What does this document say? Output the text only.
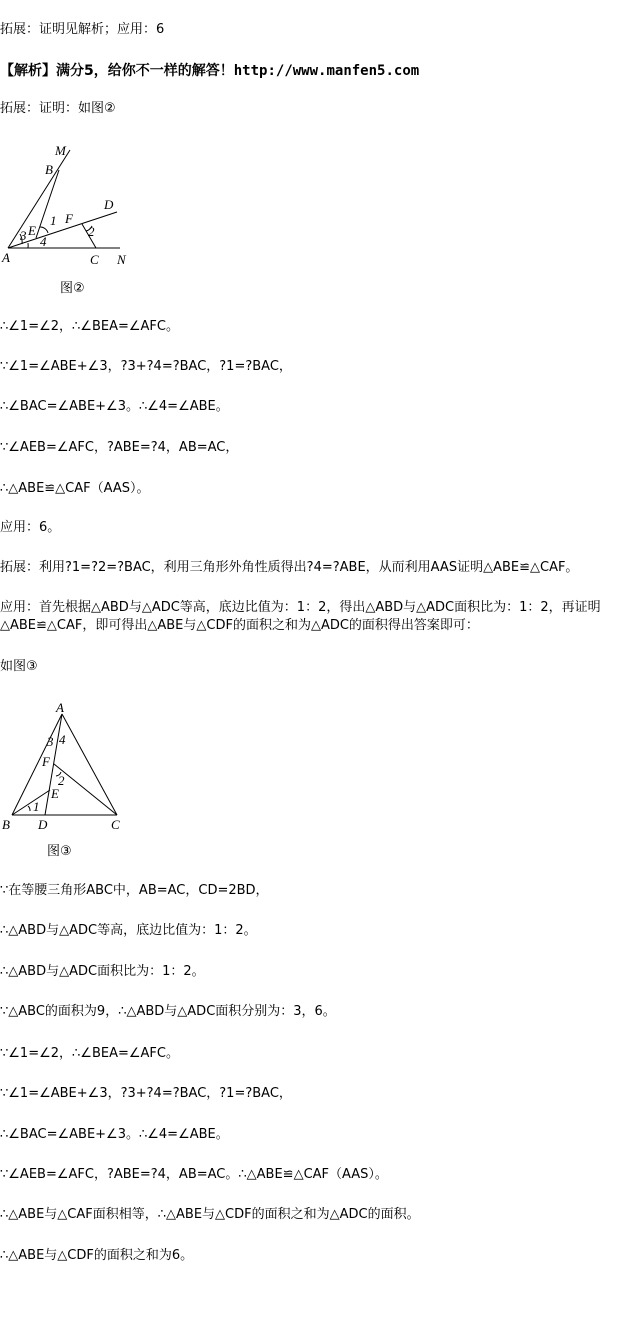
拓展：证明见解析；应用：6
【解析】满分5，给你不一样的解答！http://www.manfen5.com
拓展：证明：如图②
M
B
D
F
1
E
3	2
4
A	C N
图②
∴∠1=∠2，∴∠BEA=∠AFC。
∵∠1=∠ABE+∠3，?3+?4=?BAC，?1=?BAC，
∴∠BAC=∠ABE+∠3。∴∠4=∠ABE。
∵∠AEB=∠AFC，?ABE=?4，AB=AC，
∴△ABE≌△CAF（AAS）。
应用：6。
拓展：利用?1=?2=?BAC，利用三角形外角性质得出?4=?ABE，从而利用AAS证明△ABE≌△CAF。
应用：首先根据△ABD与△ADC等高，底边比值为：1：2，得出△ABD与△ADC面积比为：1：2，再证明△ABE≌△CAF，即可得出△ABE与△CDF的面积之和为△ADC的面积得出答案即可：
如图③
A
3 4
F
2
E
1
B D	C
图③
∵在等腰三角形ABC中，AB=AC，CD=2BD，
∴△ABD与△ADC等高，底边比值为：1：2。
∴△ABD与△ADC面积比为：1：2。
∵△ABC的面积为9，∴△ABD与△ADC面积分别为：3，6。
∵∠1=∠2，∴∠BEA=∠AFC。
∵∠1=∠ABE+∠3，?3+?4=?BAC，?1=?BAC，
∴∠BAC=∠ABE+∠3。∴∠4=∠ABE。
∵∠AEB=∠AFC，?ABE=?4，AB=AC。∴△ABE≌△CAF（AAS）。
∴△ABE与△CAF面积相等，∴△ABE与△CDF的面积之和为△ADC的面积。
∴△ABE与△CDF的面积之和为6。
